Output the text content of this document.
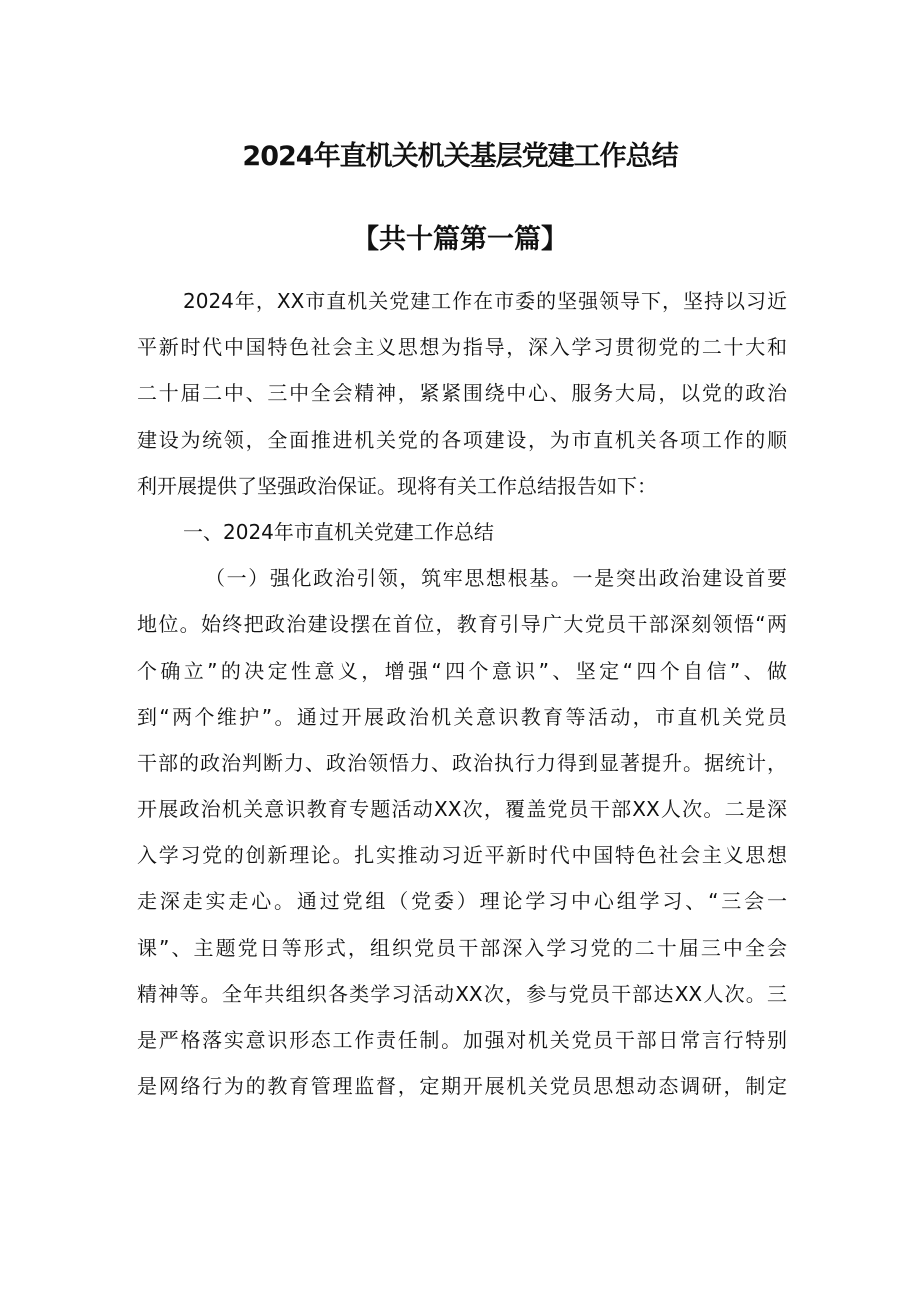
2024年直机关机关基层党建工作总结
【共十篇第一篇】
2024年，XX市直机关党建工作在市委的坚强领导下，坚持以习近
平新时代中国特色社会主义思想为指导，深入学习贯彻党的二十大和
二十届二中、三中全会精神，紧紧围绕中心、服务大局，以党的政治
建设为统领，全面推进机关党的各项建设，为市直机关各项工作的顺
利开展提供了坚强政治保证。现将有关工作总结报告如下：
一、2024年市直机关党建工作总结
（一）强化政治引领，筑牢思想根基。一是突出政治建设首要
地位。始终把政治建设摆在首位，教育引导广大党员干部深刻领悟“两
个确立”的决定性意义，增强“四个意识”、坚定“四个自信”、做
到“两个维护”。通过开展政治机关意识教育等活动，市直机关党员
干部的政治判断力、政治领悟力、政治执行力得到显著提升。据统计，
开展政治机关意识教育专题活动XX次，覆盖党员干部XX人次。二是深
入学习党的创新理论。扎实推动习近平新时代中国特色社会主义思想
走深走实走心。通过党组（党委）理论学习中心组学习、“三会一
课”、主题党日等形式，组织党员干部深入学习党的二十届三中全会
精神等。全年共组织各类学习活动XX次，参与党员干部达XX人次。三
是严格落实意识形态工作责任制。加强对机关党员干部日常言行特别
是网络行为的教育管理监督，定期开展机关党员思想动态调研，制定
